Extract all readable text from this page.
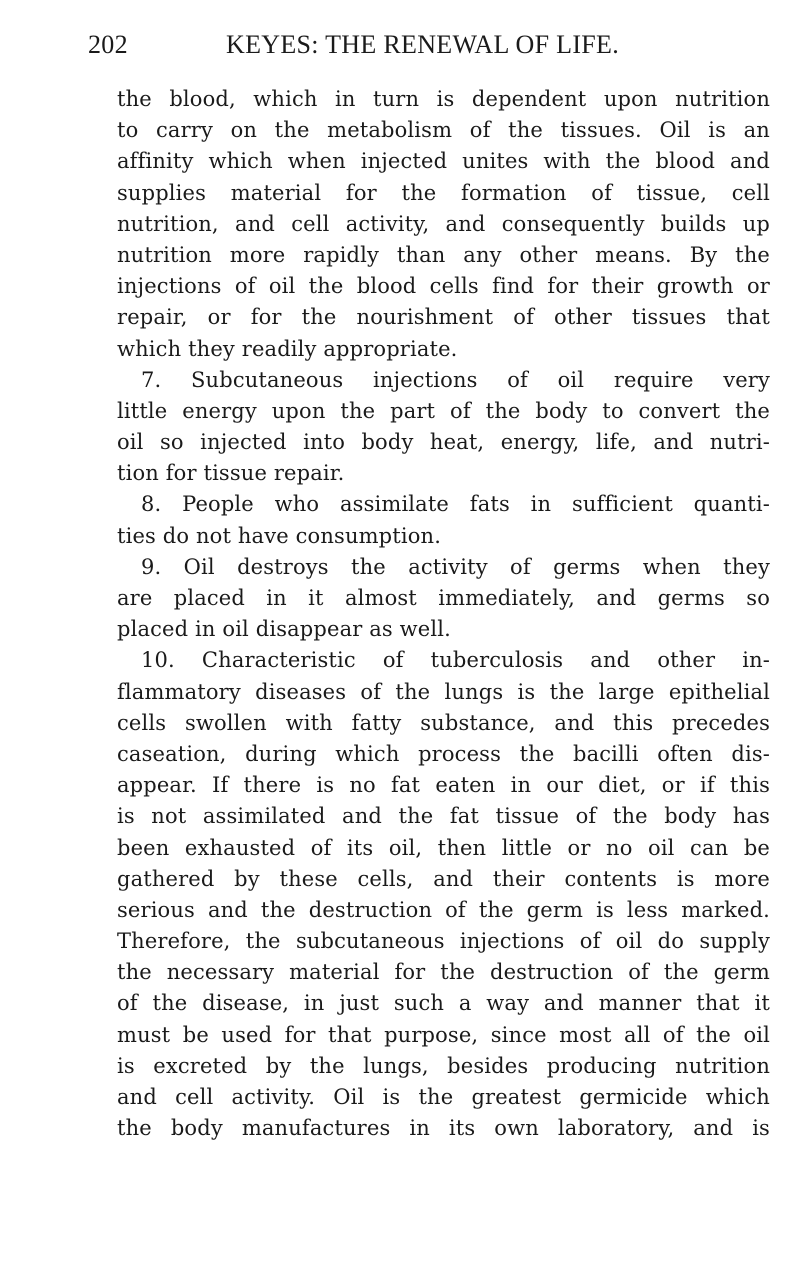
202	KEYES: THE RENEWAL OF LIFE.
the blood, which in turn is dependent upon nutrition
to carry on the metabolism of the tissues. Oil is an
affinity which when injected unites with the blood and
supplies material for the formation of tissue, cell
nutrition, and cell activity, and consequently builds up
nutrition more rapidly than any other means. By the
injections of oil the blood cells find for their growth or
repair, or for the nourishment of other tissues that
which they readily appropriate.
7. Subcutaneous injections of oil require very
little energy upon the part of the body to convert the
oil so injected into body heat, energy, life, and nutri-
tion for tissue repair.
8. People who assimilate fats in sufficient quanti-
ties do not have consumption.
9. Oil destroys the activity of germs when they
are placed in it almost immediately, and germs so
placed in oil disappear as well.
10. Characteristic of tuberculosis and other in-
flammatory diseases of the lungs is the large epithelial
cells swollen with fatty substance, and this precedes
caseation, during which process the bacilli often dis-
appear. If there is no fat eaten in our diet, or if this
is not assimilated and the fat tissue of the body has
been exhausted of its oil, then little or no oil can be
gathered by these cells, and their contents is more
serious and the destruction of the germ is less marked.
Therefore, the subcutaneous injections of oil do supply
the necessary material for the destruction of the germ
of the disease, in just such a way and manner that it
must be used for that purpose, since most all of the oil
is excreted by the lungs, besides producing nutrition
and cell activity. Oil is the greatest germicide which
the body manufactures in its own laboratory, and is
